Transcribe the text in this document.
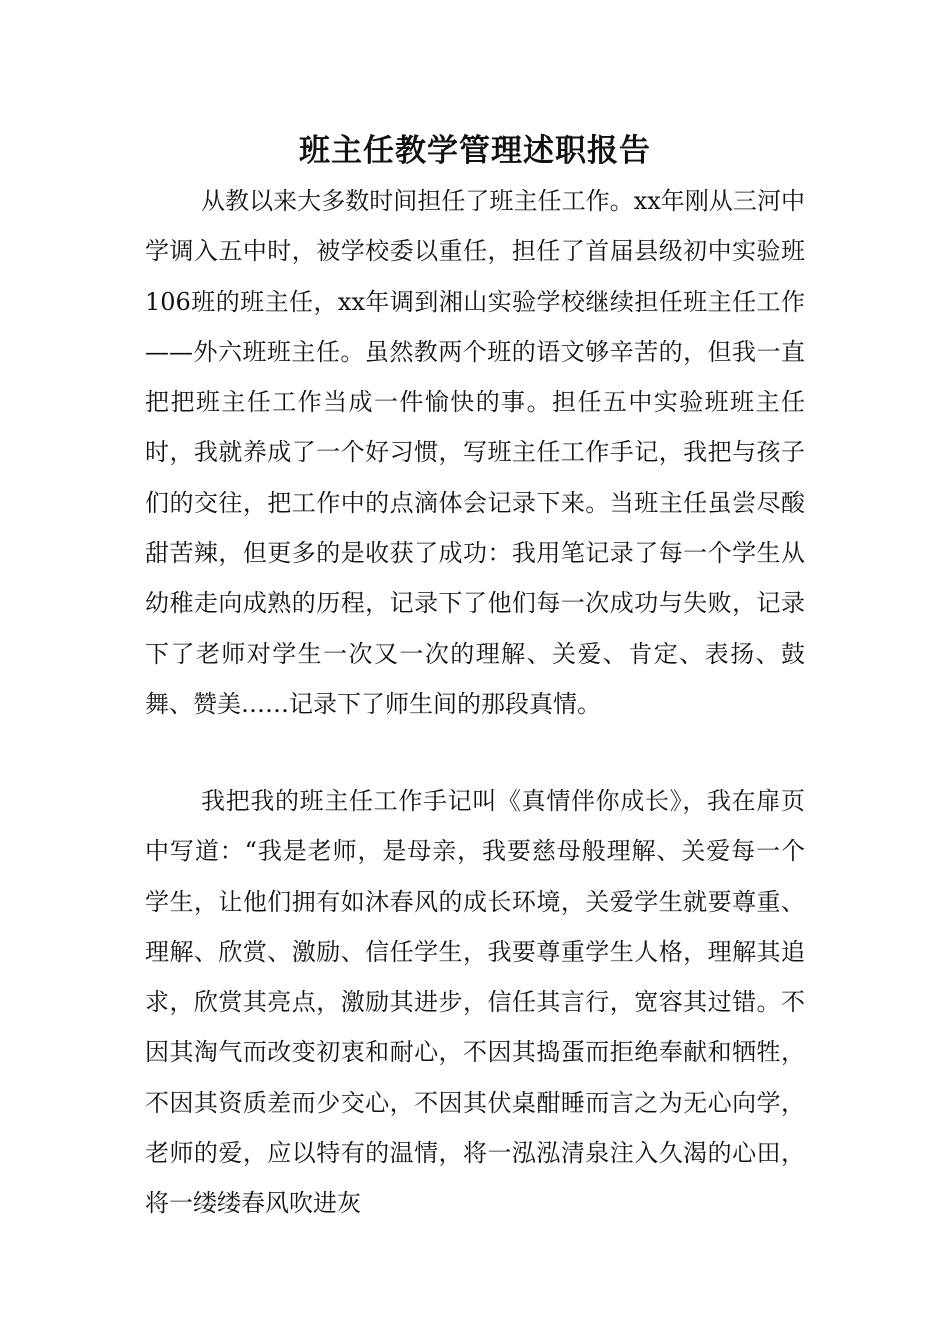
班主任教学管理述职报告

从教以来大多数时间担任了班主任工作。xx年刚从三河中学调入五中时，被学校委以重任，担任了首届县级初中实验班106班的班主任，xx年调到湘山实验学校继续担任班主任工作——外六班班主任。虽然教两个班的语文够辛苦的，但我一直把把班主任工作当成一件愉快的事。担任五中实验班班主任时，我就养成了一个好习惯，写班主任工作手记，我把与孩子们的交往，把工作中的点滴体会记录下来。当班主任虽尝尽酸甜苦辣，但更多的是收获了成功：我用笔记录了每一个学生从幼稚走向成熟的历程，记录下了他们每一次成功与失败，记录下了老师对学生一次又一次的理解、关爱、肯定、表扬、鼓舞、赞美……记录下了师生间的那段真情。

我把我的班主任工作手记叫《真情伴你成长》，我在扉页中写道：“我是老师，是母亲，我要慈母般理解、关爱每一个学生，让他们拥有如沐春风的成长环境，关爱学生就要尊重、理解、欣赏、激励、信任学生，我要尊重学生人格，理解其追求，欣赏其亮点，激励其进步，信任其言行，宽容其过错。不因其淘气而改变初衷和耐心，不因其捣蛋而拒绝奉献和牺牲，不因其资质差而少交心，不因其伏桌酣睡而言之为无心向学，老师的爱，应以特有的温情，将一泓泓清泉注入久渴的心田，将一缕缕春风吹进灰
